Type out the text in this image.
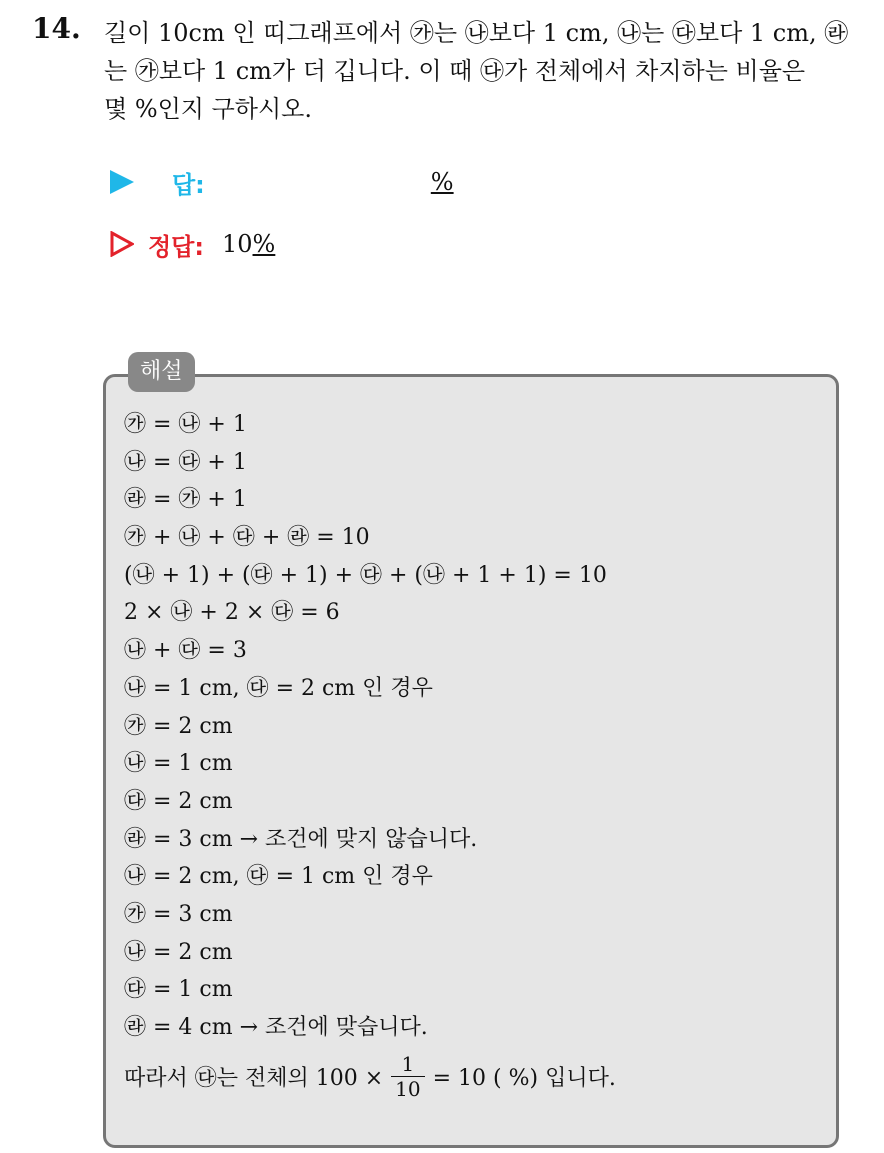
14. 길이 10cm 인 띠그래프에서 ㉮는 ㉯보다 1 cm, ㉯는 ㉰보다 1 cm, ㉱
는 ㉮보다 1 cm가 더 깁니다. 이 때 ㉰가 전체에서 차지하는 비율은
몇 %인지 구하시오.
답:	%
정답: 10 %
해설
㉮ = ㉯ + 1
㉯ = ㉰ + 1
㉱ = ㉮ + 1
㉮ + ㉯ + ㉰ + ㉱ = 10
(㉯ + 1) + (㉰ + 1) + ㉰ + (㉯ + 1 + 1) = 10
2 × ㉯ + 2 × ㉰ = 6
㉯ + ㉰ = 3
㉯ = 1 cm, ㉰ = 2 cm 인 경우
㉮ = 2 cm
㉯ = 1 cm
㉰ = 2 cm
㉱ = 3 cm → 조건에 맞지 않습니다.
㉯ = 2 cm, ㉰ = 1 cm 인 경우
㉮ = 3 cm
㉯ = 2 cm
㉰ = 1 cm
㉱ = 4 cm → 조건에 맞습니다.
따라서 ㉰는 전체의 $100 \times \frac{1}{10} = 10$ ( %) 입니다.
